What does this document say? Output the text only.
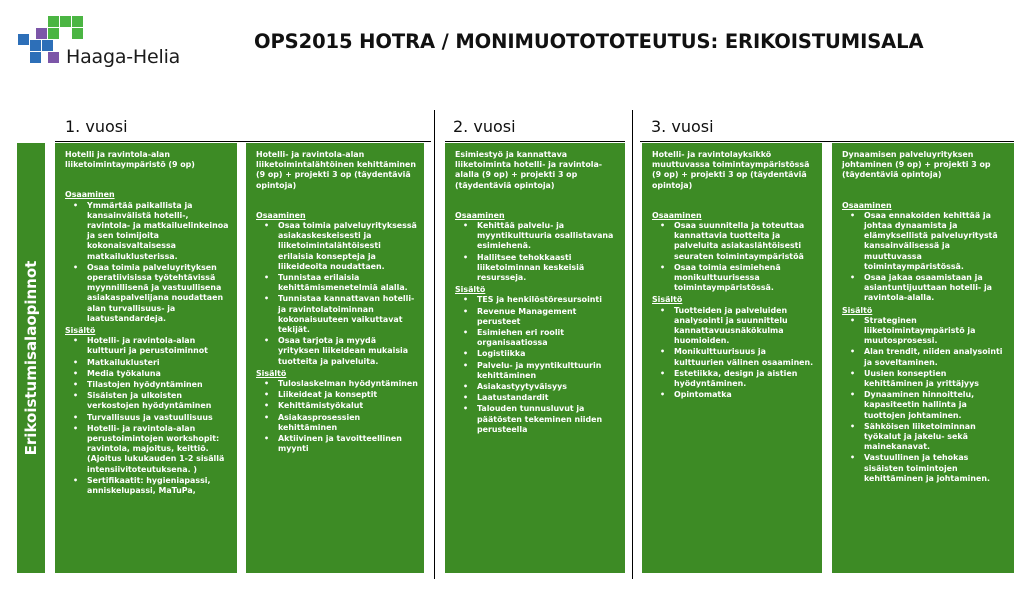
Haaga-Helia
OPS2015 HOTRA / MONIMUOTOTOTEUTUS: ERIKOISTUMISALA
1. vuosi	2. vuosi	3. vuosi
Erikoistumisalaopinnot
Hotelli ja ravintola-alan liiketoimintaympäristö (9 op)
Osaaminen
• Ymmärtää paikallista ja kansainvälistä hotelli-, ravintola- ja matkailuelinkeinoa ja sen toimijoita kokonaisvaltaisessa matkailuklusterissa.
• Osaa toimia palveluyrityksen operatiivisissa työtehtävissä myynnillisenä ja vastuullisena asiakaspalvelijana noudattaen alan turvallisuus- ja laatustandardeja.
Sisältö
• Hotelli- ja ravintola-alan kulttuuri ja perustoiminnot
• Matkailuklusteri
• Media työkaluna
• Tilastojen hyödyntäminen
• Sisäisten ja ulkoisten verkostojen hyödyntäminen
• Turvallisuus ja vastuullisuus
• Hotelli- ja ravintola-alan perustoimintojen workshopit: ravintola, majoitus, keittiö. (Ajoitus lukukauden 1-2 sisällä intensiivitoteutuksena. )
• Sertifikaatit: hygieniapassi, anniskelupassi, MaTuPa,
Hotelli- ja ravintola-alan liiketoimintalähtöinen kehittäminen (9 op) + projekti 3 op (täydentäviä opintoja)
Osaaminen
• Osaa toimia palveluyrityksessä asiakaskeskeisesti ja liiketoimintalähtöisesti erilaisia konsepteja ja liikeideoita noudattaen.
• Tunnistaa erilaisia kehittämismenetelmiä alalla.
• Tunnistaa kannattavan hotelli- ja ravintolatoiminnan kokonaisuuteen vaikuttavat tekijät.
• Osaa tarjota ja myydä yrityksen liikeidean mukaisia tuotteita ja palveluita.
Sisältö
• Tuloslaskelman hyödyntäminen
• Liikeideat ja konseptit
• Kehittämistyökalut
• Asiakasprosessien kehittäminen
• Aktiivinen ja tavoitteellinen myynti
Esimiestyö ja kannattava liiketoiminta hotelli- ja ravintola-alalla (9 op) + projekti 3 op (täydentäviä opintoja)
Osaaminen
• Kehittää palvelu- ja myyntikulttuuria osallistavana esimiehenä.
• Hallitsee tehokkaasti liiketoiminnan keskeisiä resursseja.
Sisältö
• TES ja henkilöstöresursointi
• Revenue Management perusteet
• Esimiehen eri roolit organisaatiossa
• Logistiikka
• Palvelu- ja myyntikulttuurin kehittäminen
• Asiakastyytyväisyys
• Laatustandardit
• Talouden tunnusluvut ja päätösten tekeminen niiden perusteella
Hotelli- ja ravintolayksikkö muuttuvassa toimintaympäristössä (9 op) + projekti 3 op (täydentäviä opintoja)
Osaaminen
• Osaa suunnitella ja toteuttaa kannattavia tuotteita ja palveluita asiakaslähtöisesti seuraten toimintaympäristöä
• Osaa toimia esimiehenä monikulttuurisessa toimintaympäristössä.
Sisältö
• Tuotteiden ja palveluiden analysointi ja suunnittelu kannattavuusnäkökulma huomioiden.
• Monikulttuurisuus ja kulttuurien välinen osaaminen.
• Estetiikka, design ja aistien hyödyntäminen.
• Opintomatka
Dynaamisen palveluyrityksen johtaminen (9 op) + projekti 3 op (täydentäviä opintoja)
Osaaminen
• Osaa ennakoiden kehittää ja johtaa dynaamista ja elämyksellistä palveluyritystä kansainvälisessä ja muuttuvassa toimintaympäristössä.
• Osaa jakaa osaamistaan ja asiantuntijuuttaan hotelli- ja ravintola-alalla.
Sisältö
• Strateginen liiketoimintaympäristö ja muutosprosessi.
• Alan trendit, niiden analysointi ja soveltaminen.
• Uusien konseptien kehittäminen ja yrittäjyys
• Dynaaminen hinnoittelu, kapasiteetin hallinta ja tuottojen johtaminen.
• Sähköisen liiketoiminnan työkalut ja jakelu- sekä mainekanavat.
• Vastuullinen ja tehokas sisäisten toimintojen kehittäminen ja johtaminen.
